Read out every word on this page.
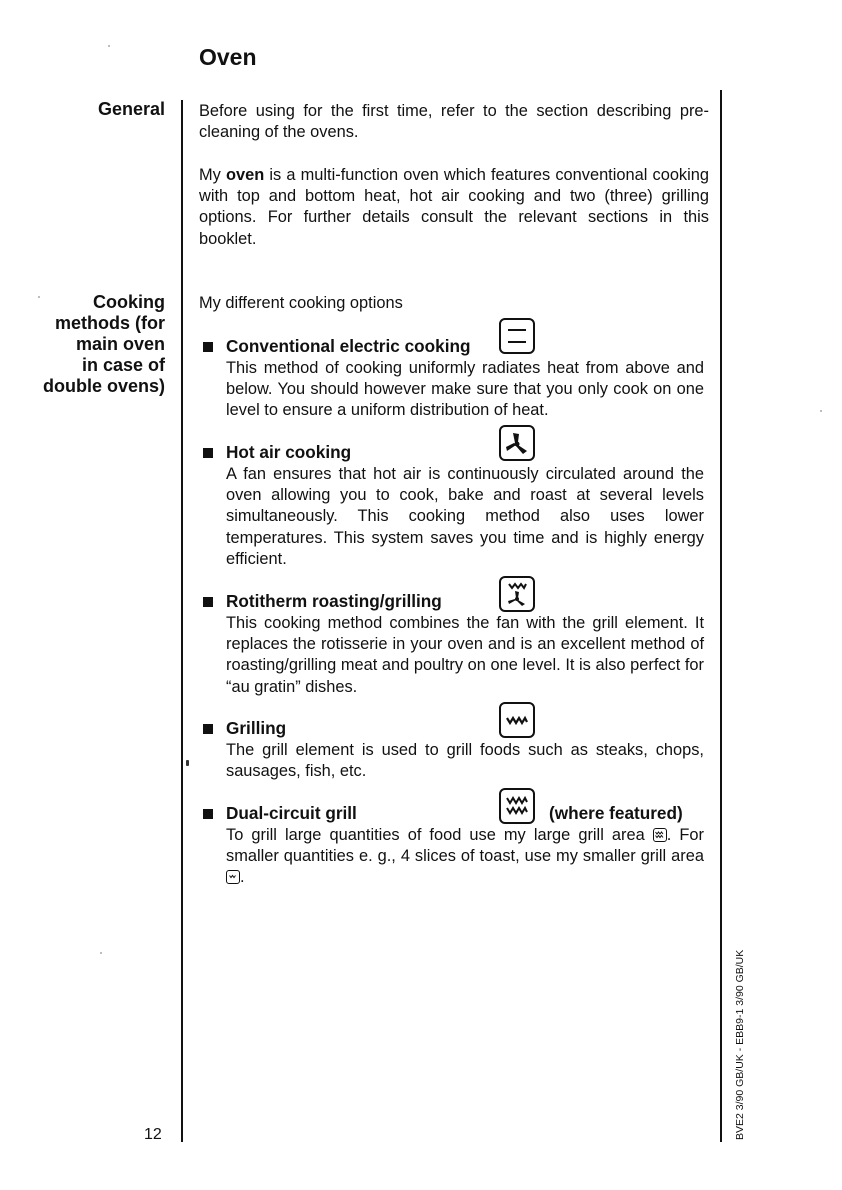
Oven
General Before using for the first time, refer to the section describing pre-cleaning of the ovens.
My oven is a multi-function oven which features conventional cooking with top and bottom heat, hot air cooking and two (three) grilling options. For further details consult the relevant sections in this booklet.
Cooking
methods (for
main oven
in case of
double ovens)
My different cooking options
Conventional electric cooking
This method of cooking uniformly radiates heat from above and below. You should however make sure that you only cook on one level to ensure a uniform distribution of heat.
Hot air cooking
A fan ensures that hot air is continuously circulated around the oven allowing you to cook, bake and roast at several levels simultaneously. This cooking method also uses lower temperatures. This system saves you time and is highly energy efficient.
Rotitherm roasting/grilling
This cooking method combines the fan with the grill element. It replaces the rotisserie in your oven and is an excellent method of roasting/grilling meat and poultry on one level. It is also perfect for “au gratin” dishes.
Grilling
The grill element is used to grill foods such as steaks, chops, sausages, fish, etc.
Dual-circuit grill	(where featured)
To grill large quantities of food use my large grill area
. For smaller quantities e. g., 4 slices of toast, use my smaller grill area
.
12	BVE2 3/90 GB/UK - EBB9-1 3/90 GB/UK
